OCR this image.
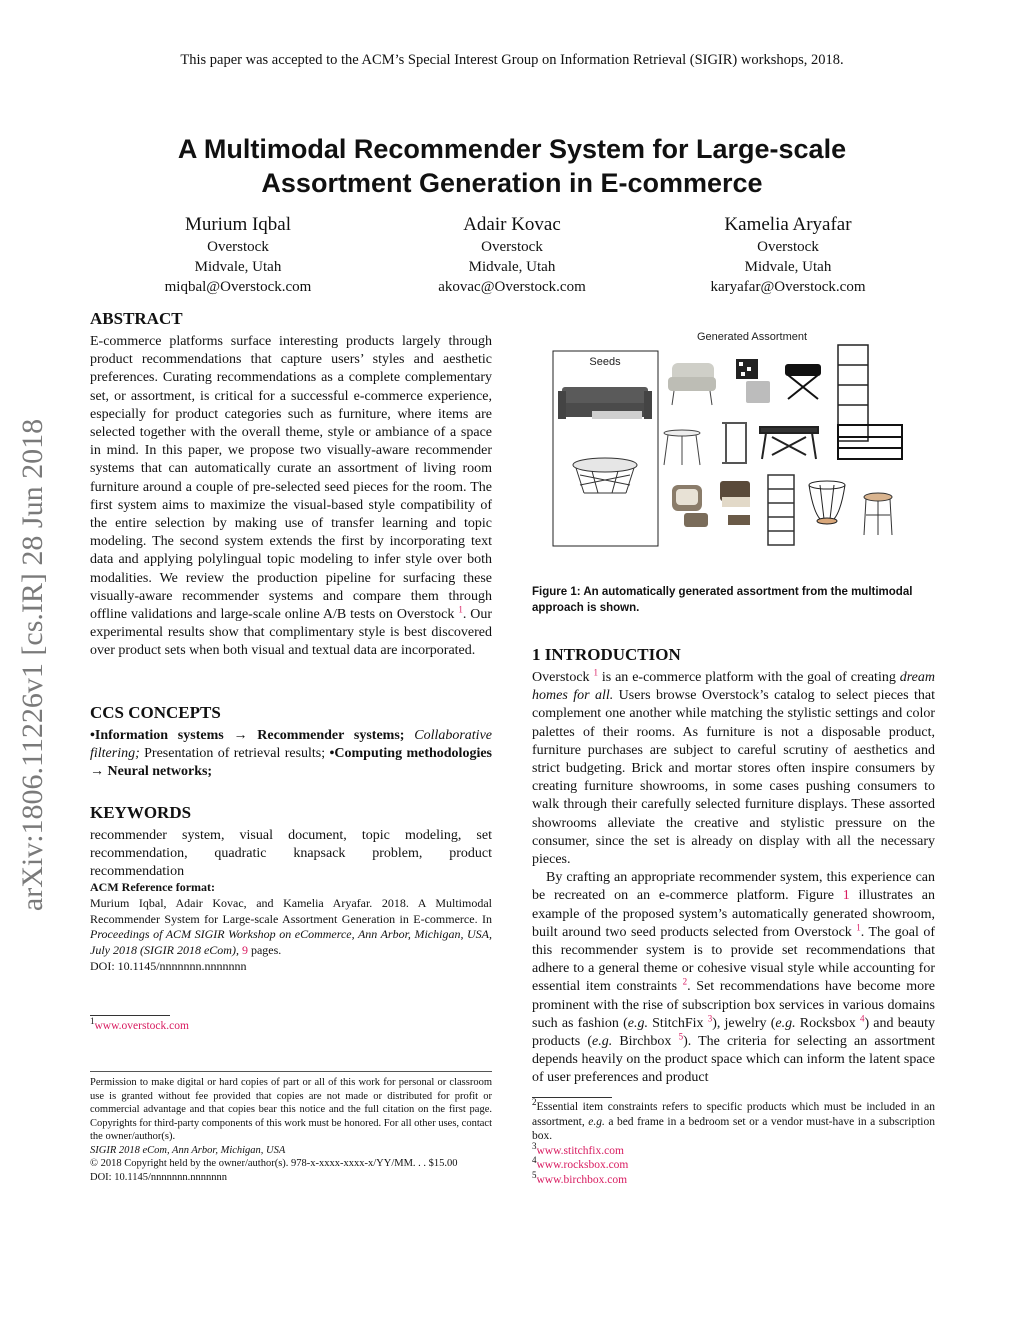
This paper was accepted to the ACM’s Special Interest Group on Information Retrieval (SIGIR) workshops, 2018.
A Multimodal Recommender System for Large-scale
Assortment Generation in E-commerce
Murium Iqbal
Overstock
Midvale, Utah
miqbal@Overstock.com
Adair Kovac
Overstock
Midvale, Utah
akovac@Overstock.com
Kamelia Aryafar
Overstock
Midvale, Utah
karyafar@Overstock.com
arXiv:1806.11226v1 [cs.IR] 28 Jun 2018
ABSTRACT
E-commerce platforms surface interesting products largely through product recommendations that capture users’ styles and aesthetic preferences. Curating recommendations as a complete complementary set, or assortment, is critical for a successful e-commerce experience, especially for product categories such as furniture, where items are selected together with the overall theme, style or ambiance of a space in mind. In this paper, we propose two visually-aware recommender systems that can automatically curate an assortment of living room furniture around a couple of pre-selected seed pieces for the room. The first system aims to maximize the visual-based style compatibility of the entire selection by making use of transfer learning and topic modeling. The second system extends the first by incorporating text data and applying polylingual topic modeling to infer style over both modalities. We review the production pipeline for surfacing these visually-aware recommender systems and compare them through offline validations and large-scale online A/B tests on Overstock $^1$. Our experimental results show that complimentary style is best discovered over product sets when both visual and textual data are incorporated.
CCS CONCEPTS
•Information systems → Recommender systems; Collaborative filtering; Presentation of retrieval results; •Computing methodologies → Neural networks;
KEYWORDS
recommender system, visual document, topic modeling, set recommendation, quadratic knapsack problem, product recommendation
ACM Reference format:
Murium Iqbal, Adair Kovac, and Kamelia Aryafar. 2018. A Multimodal Recommender System for Large-scale Assortment Generation in E-commerce. In Proceedings of ACM SIGIR Workshop on eCommerce, Ann Arbor, Michigan, USA, July 2018 (SIGIR 2018 eCom), 9 pages.
DOI: 10.1145/nnnnnnn.nnnnnnn
$^1$www.overstock.com
Permission to make digital or hard copies of part or all of this work for personal or classroom use is granted without fee provided that copies are not made or distributed for profit or commercial advantage and that copies bear this notice and the full citation on the first page. Copyrights for third-party components of this work must be honored. For all other uses, contact the owner/author(s).
SIGIR 2018 eCom, Ann Arbor, Michigan, USA
© 2018 Copyright held by the owner/author(s). 978-x-xxxx-xxxx-x/YY/MM. . . $15.00
DOI: 10.1145/nnnnnnn.nnnnnnn
Generated Assortment
Seeds
Figure 1: An automatically generated assortment from the multimodal approach is shown.
1 INTRODUCTION

Overstock $^1$ is an e-commerce platform with the goal of creating dream homes for all. Users browse Overstock’s catalog to select pieces that complement one another while matching the stylistic settings and color palettes of their rooms. As furniture is not a disposable product, furniture purchases are subject to careful scrutiny of aesthetics and strict budgeting. Brick and mortar stores often inspire consumers by creating furniture showrooms, in some cases pushing consumers to walk through their carefully selected furniture displays. These assorted showrooms alleviate the creative and stylistic pressure on the consumer, since the set is already on display with all the necessary pieces.

By crafting an appropriate recommender system, this experience can be recreated on an e-commerce platform. Figure 1 illustrates an example of the proposed system’s automatically generated showroom, built around two seed products selected from Overstock $^1$. The goal of this recommender system is to provide set recommendations that adhere to a general theme or cohesive visual style while accounting for essential item constraints $^2$. Set recommendations have become more prominent with the rise of subscription box services in various domains such as fashion (e.g. StitchFix $^3$), jewelry (e.g. Rocksbox $^4$) and beauty products (e.g. Birchbox $^5$). The criteria for selecting an assortment depends heavily on the product space which can inform the latent space of user preferences and product

$^2$Essential item constraints refers to specific products which must be included in an assortment, e.g. a bed frame in a bedroom set or a vendor must-have in a subscription box.
$^3$www.stitchfix.com
$^4$www.rocksbox.com
$^5$www.birchbox.com
